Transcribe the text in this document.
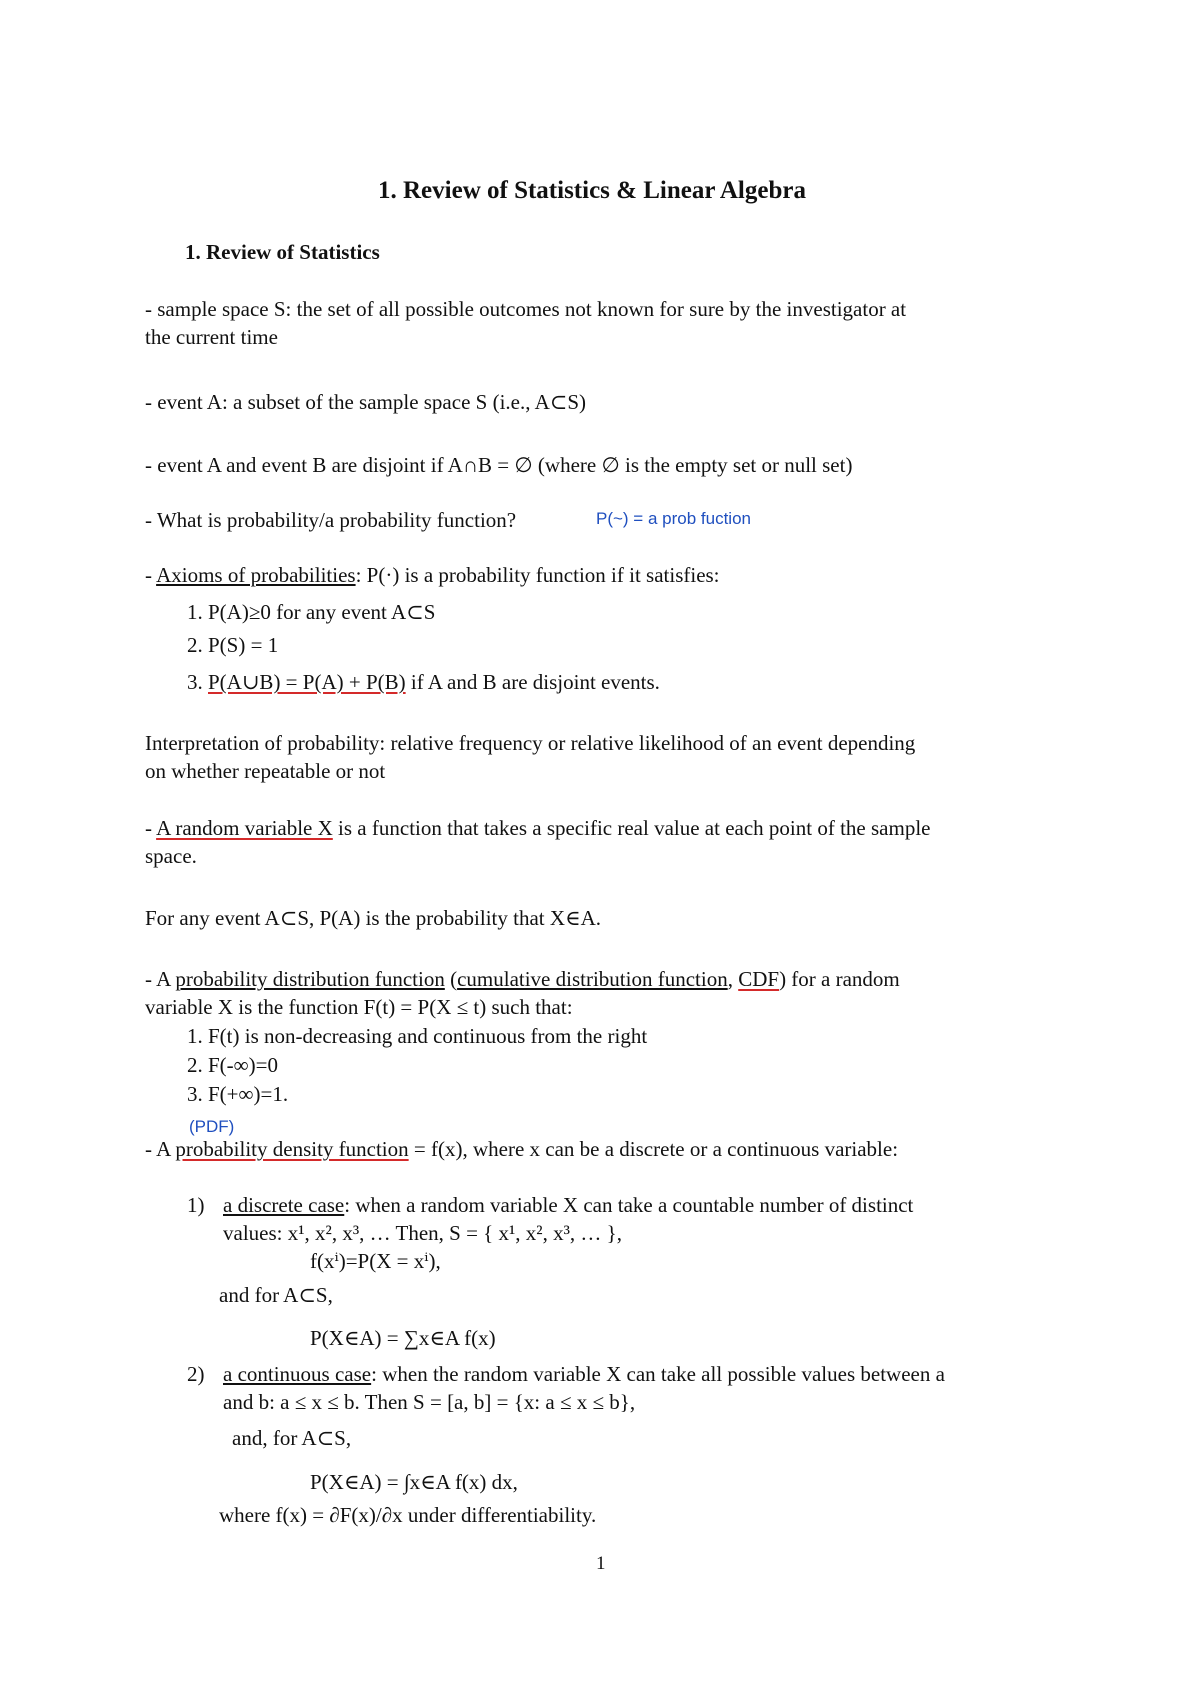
1. Review of Statistics & Linear Algebra
1. Review of Statistics
- sample space S: the set of all possible outcomes not known for sure by the investigator at
the current time
- event A: a subset of the sample space S (i.e., A⊂S)
- event A and event B are disjoint if A∩B = ∅ (where ∅ is the empty set or null set)
- What is probability/a probability function?	P(~) = a prob fuction
- Axioms of probabilities: P(·) is a probability function if it satisfies:
1. P(A)≥0 for any event A⊂S
2. P(S) = 1
3. P(A∪B) = P(A) + P(B) if A and B are disjoint events.
Interpretation of probability: relative frequency or relative likelihood of an event depending
on whether repeatable or not
- A random variable X is a function that takes a specific real value at each point of the sample
space.
For any event A⊂S, P(A) is the probability that X∈A.
- A probability distribution function (cumulative distribution function, CDF) for a random
variable X is the function F(t) = P(X ≤ t) such that:
1. F(t) is non-decreasing and continuous from the right
2. F(-∞)=0
3. F(+∞)=1.
(PDF)
- A probability density function = f(x), where x can be a discrete or a continuous variable:
1) a discrete case: when a random variable X can take a countable number of distinct
values: x¹, x², x³, … Then, S = { x¹, x², x³, … },
f(xⁱ)=P(X = xⁱ),
and for A⊂S,
P(X∈A) = ∑x∈A f(x)
2) a continuous case: when the random variable X can take all possible values between a
and b: a ≤ x ≤ b. Then S = [a, b] = {x: a ≤ x ≤ b},
and, for A⊂S,
P(X∈A) = ∫x∈A f(x) dx,
where f(x) = ∂F(x)/∂x under differentiability.
1
